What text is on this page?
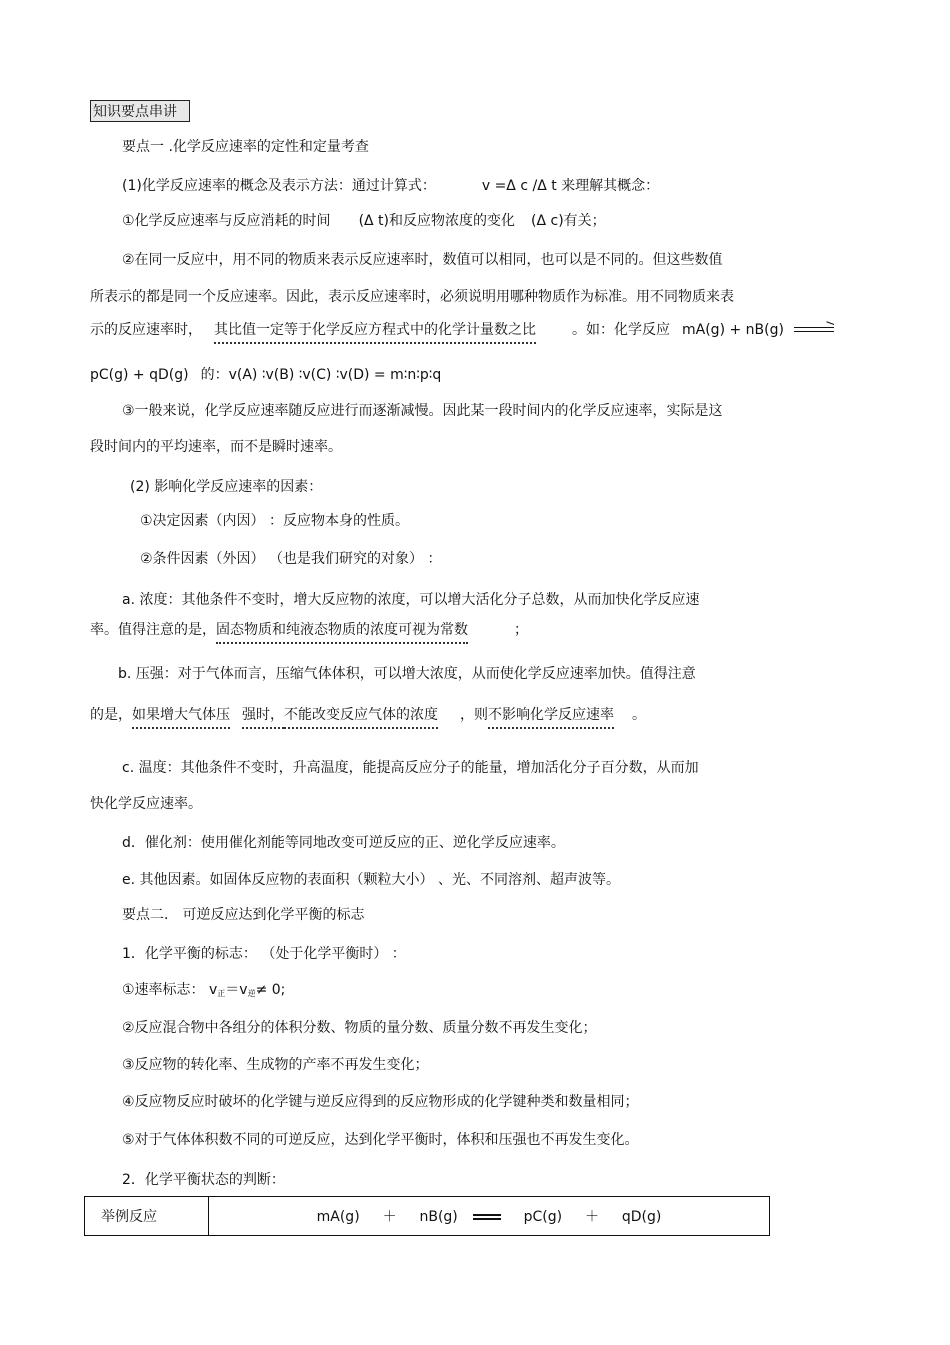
知识要点串讲
要点一 .化学反应速率的定性和定量考查
(1)化学反应速率的概念及表示方法：通过计算式：	v =Δ c /Δ t 来理解其概念：
①化学反应速率与反应消耗的时间 (Δ t)和反应物浓度的变化 (Δ c)有关；
②在同一反应中，用不同的物质来表示反应速率时，数值可以相同，也可以是不同的。但这些数值
所表示的都是同一个反应速率。因此，表示反应速率时，必须说明用哪种物质作为标准。用不同物质来表
示的反应速率时， 其比值一定等于化学反应方程式中的化学计量数之比	。如：化学反应 mA(g) + nB(g) →
pC(g) + qD(g) 的：v(A) ∶v(B) ∶v(C) ∶v(D) = m∶n∶p∶q
③一般来说，化学反应速率随反应进行而逐渐减慢。因此某一段时间内的化学反应速率，实际是这
段时间内的平均速率，而不是瞬时速率。
(2) 影响化学反应速率的因素：
①决定因素（内因） ：反应物本身的性质。
②条件因素（外因） （也是我们研究的对象） ：
a. 浓度：其他条件不变时，增大反应物的浓度，可以增大活化分子总数，从而加快化学反应速
率。值得注意的是，固态物质和纯液态物质的浓度可视为常数	；
b. 压强：对于气体而言，压缩气体体积，可以增大浓度，从而使化学反应速率加快。值得注意
的是，如果增大气体压 强时，不能改变反应气体的浓度 ，则不影响化学反应速率 。
c. 温度：其他条件不变时，升高温度，能提高反应分子的能量，增加活化分子百分数，从而加
快化学反应速率。
d．催化剂：使用催化剂能等同地改变可逆反应的正、逆化学反应速率。
e. 其他因素。如固体反应物的表面积（颗粒大小） 、光、不同溶剂、超声波等。
要点二． 可逆反应达到化学平衡的标志
1．化学平衡的标志： （处于化学平衡时） ：
①速率标志： $v_正=v_逆\ne 0$;
②反应混合物中各组分的体积分数、物质的量分数、质量分数不再发生变化；
③反应物的转化率、生成物的产率不再发生变化；
④反应物反应时破坏的化学键与逆反应得到的反应物形成的化学键种类和数量相同；
⑤对于气体体积数不同的可逆反应，达到化学平衡时，体积和压强也不再发生变化。
2．化学平衡状态的判断：
举例反应	mA(g) ＋ nB(g)	pC(g) ＋ qD(g)
